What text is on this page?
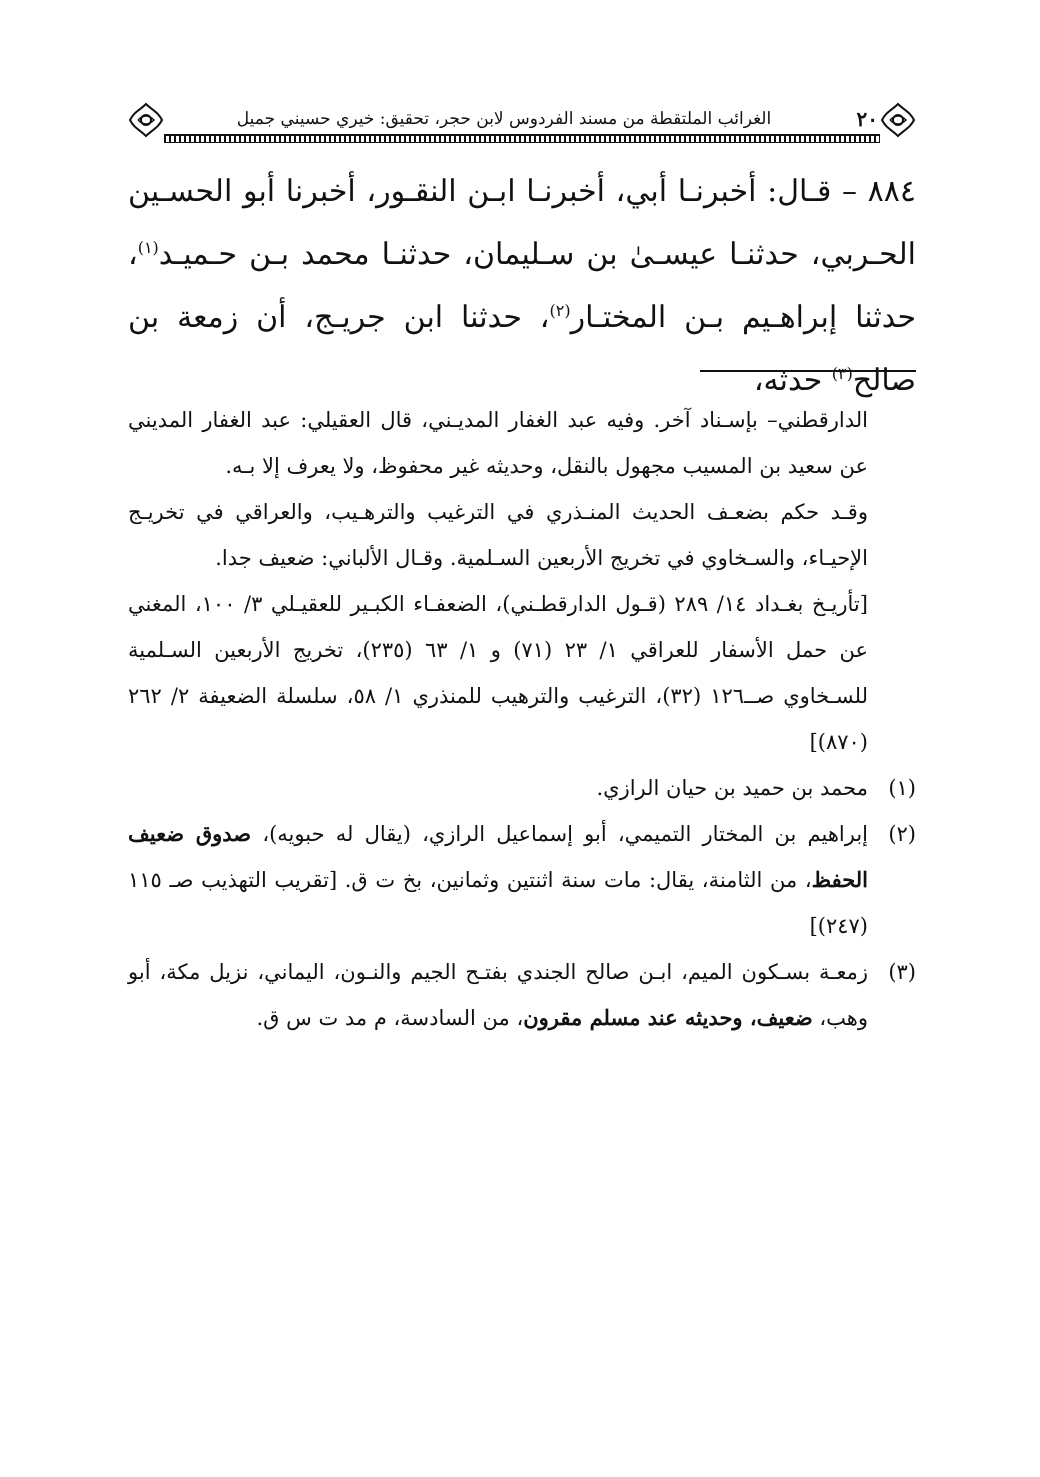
٢٠
الغرائب الملتقطة من مسند الفردوس لابن حجر، تحقيق: خيري حسيني جميل

٨٨٤ – قـال: أخبرنـا أبي، أخبرنـا ابـن النقـور، أخبرنا أبو الحسـين الحـربي، حدثنـا عيسـىٰ بن سـليمان، حدثنـا محمد بـن حـميـد$^{(١)}$، حدثنا إبراهـيم بـن المختـار$^{(٢)}$، حدثنا ابن جريـج، أن زمعة بن صالح$^{(٣)}$ حدثه،

الدارقطني– بإسـناد آخر. وفيه عبد الغفار المديـني، قال العقيلي: عبد الغفار المديني عن سعيد بن المسيب مجهول بالنقل، وحديثه غير محفوظ، ولا يعرف إلا بـه.

وقـد حكم بضعـف الحديث المنـذري في الترغيب والترهـيب، والعراقي في تخريـج الإحيـاء، والسـخاوي في تخريج الأربعين السـلمية. وقـال الألباني: ضعيف جدا.

[تأريـخ بغـداد ١٤/ ٢٨٩ (قـول الدارقطـني)، الضعفـاء الكبـير للعقيـلي ٣/ ١٠٠، المغني عن حمل الأسفار للعراقي ١/ ٢٣ (٧١) و ١/ ٦٣ (٢٣٥)، تخريج الأربعين السـلمية للسـخاوي صــ١٢٦ (٣٢)، الترغيب والترهيب للمنذري ١/ ٥٨، سلسلة الضعيفة ٢/ ٢٦٢ (٨٧٠)]

(١)
محمد بن حميد بن حيان الرازي.
(٢)
إبراهيم بن المختار التميمي، أبو إسماعيل الرازي، (يقال له حبويه)، صدوق ضعيف الحفظ، من الثامنة، يقال: مات سنة اثنتين وثمانين، بخ ت ق. [تقريب التهذيب صـ ١١٥ (٢٤٧)]
(٣)
زمعـة بسـكون الميم، ابـن صالح الجندي بفتـح الجيم والنـون، اليماني، نزيل مكة، أبو وهب، ضعيف، وحديثه عند مسلم مقرون، من السادسة، م مد ت س ق.
